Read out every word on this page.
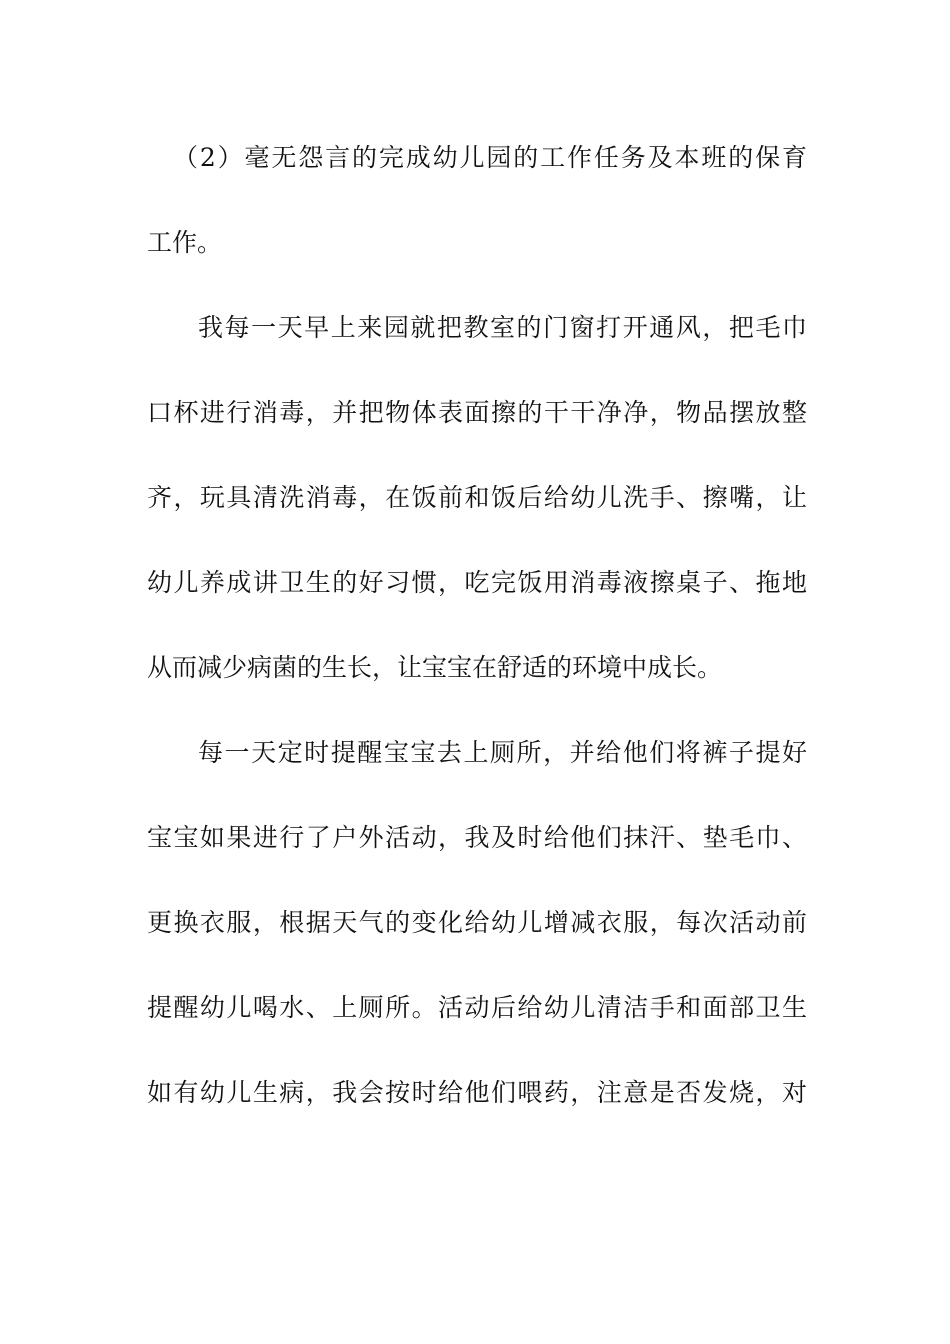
（2）毫无怨言的完成幼儿园的工作任务及本班的保育
工作。
我每一天早上来园就把教室的门窗打开通风，把毛巾
口杯进行消毒，并把物体表面擦的干干净净，物品摆放整
齐，玩具清洗消毒，在饭前和饭后给幼儿洗手、擦嘴，让
幼儿养成讲卫生的好习惯，吃完饭用消毒液擦桌子、拖地
从而减少病菌的生长，让宝宝在舒适的环境中成长。
每一天定时提醒宝宝去上厕所，并给他们将裤子提好
宝宝如果进行了户外活动，我及时给他们抹汗、垫毛巾、
更换衣服，根据天气的变化给幼儿增减衣服，每次活动前
提醒幼儿喝水、上厕所。活动后给幼儿清洁手和面部卫生
如有幼儿生病，我会按时给他们喂药，注意是否发烧，对
